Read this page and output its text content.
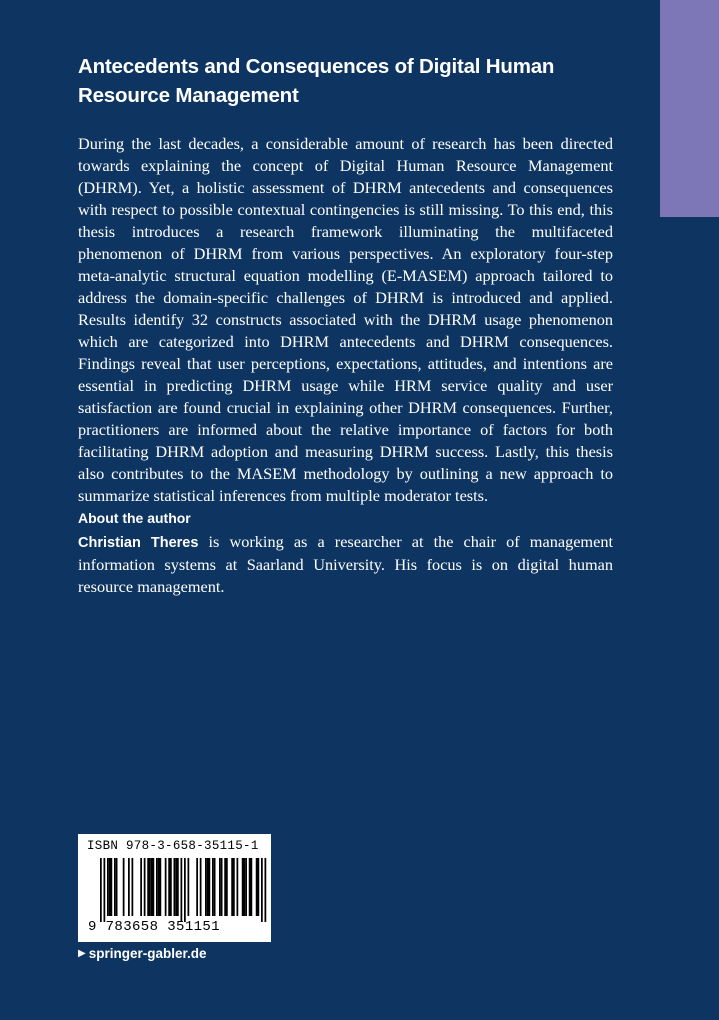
Antecedents and Consequences of Digital Human Resource Management

During the last decades, a considerable amount of research has been directed towards explaining the concept of Digital Human Resource Management (DHRM). Yet, a holistic assessment of DHRM antecedents and consequences with respect to possible contextual contingencies is still missing. To this end, this thesis introduces a research framework illuminating the multifaceted phenomenon of DHRM from various perspectives. An exploratory four-step meta-analytic structural equation modelling (E-MASEM) approach tailored to address the domain-specific challenges of DHRM is introduced and applied. Results identify 32 constructs associated with the DHRM usage phenomenon which are categorized into DHRM antecedents and DHRM consequences. Findings reveal that user perceptions, expectations, attitudes, and intentions are essential in predicting DHRM usage while HRM service quality and user satisfaction are found crucial in explaining other DHRM consequences. Further, practitioners are informed about the relative importance of factors for both facilitating DHRM adoption and measuring DHRM success. Lastly, this thesis also contributes to the MASEM methodology by outlining a new approach to summarize statistical inferences from multiple moderator tests.

About the author

Christian Theres is working as a researcher at the chair of management information systems at Saarland University. His focus is on digital human resource management.

ISBN 978-3-658-35115-1
9 783658 351151
▶ springer-gabler.de
